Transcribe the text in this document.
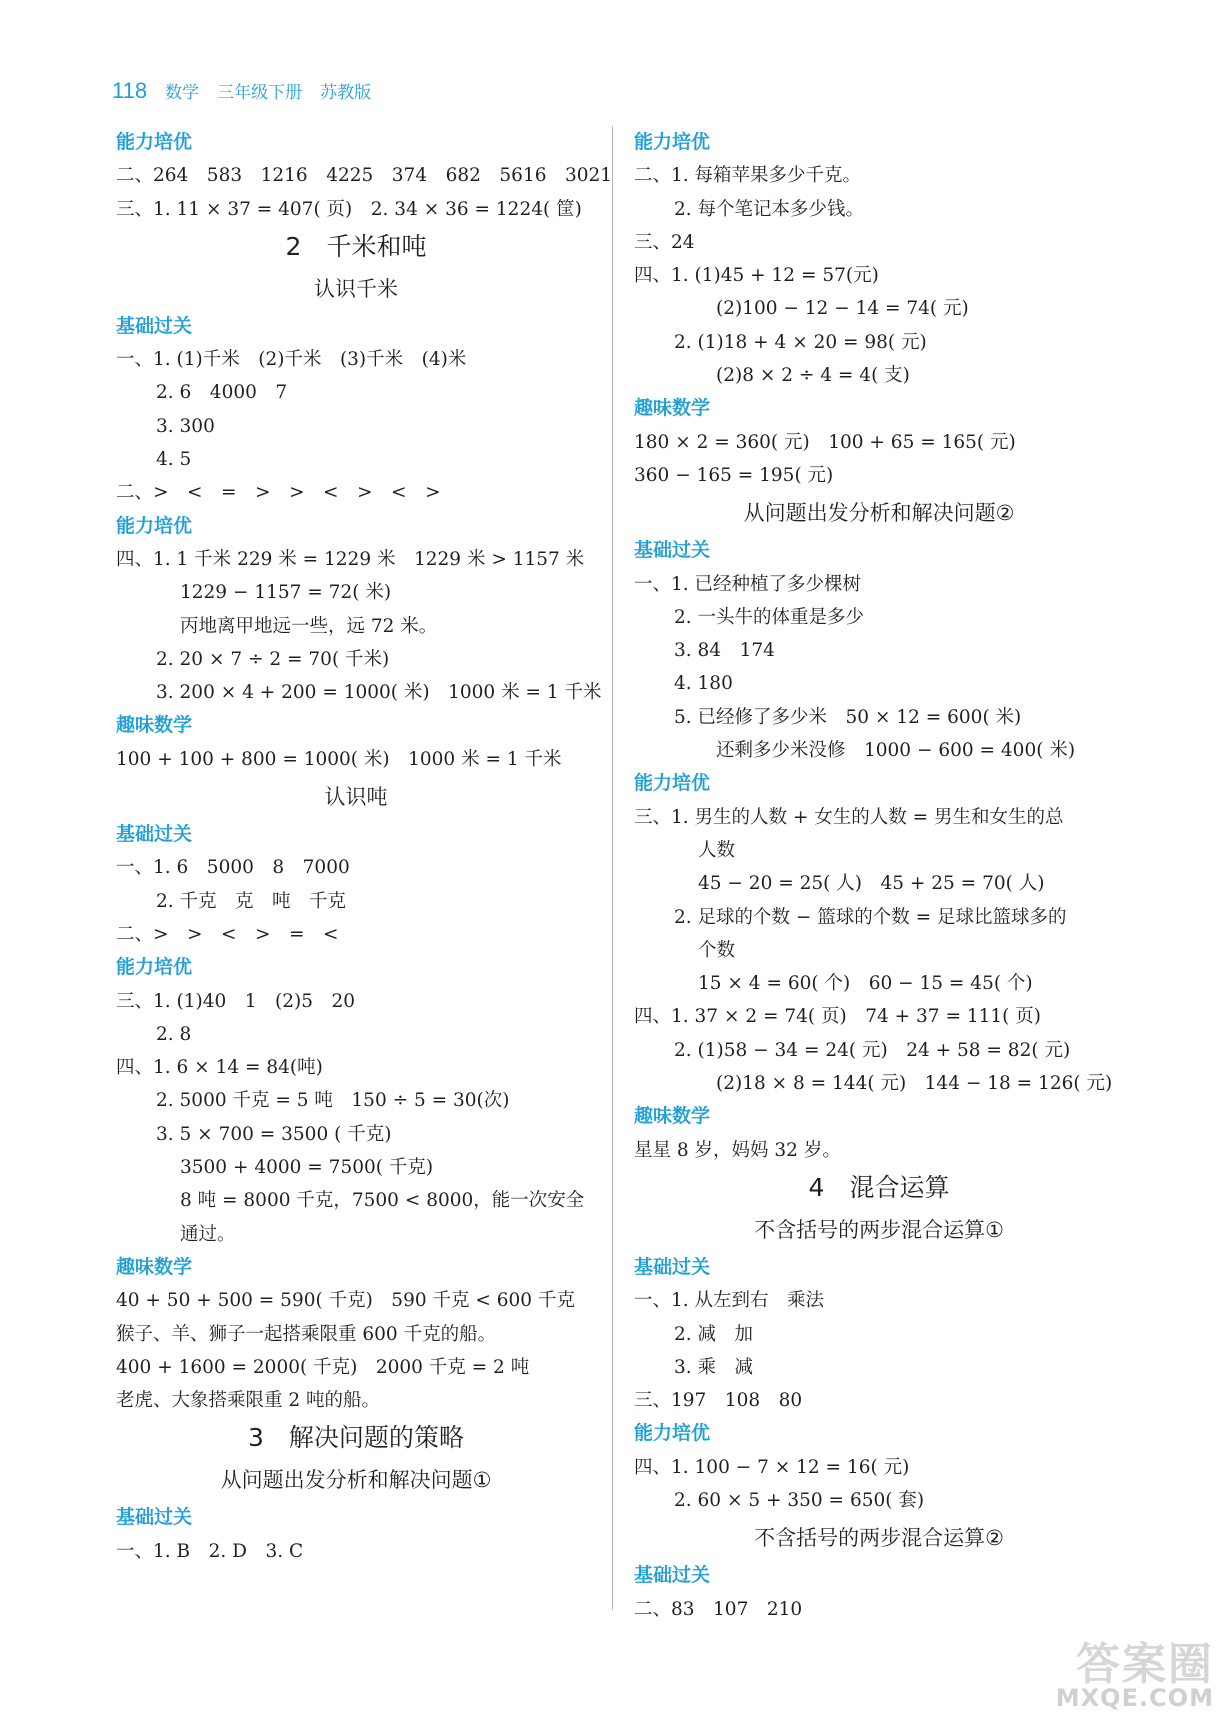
118 数学 三年级下册 苏教版
能力培优
二、264　583　1216　4225　374　682　5616　3021
三、1. 11 × 37 = 407( 页)　2. 34 × 36 = 1224( 筐)
2　千米和吨
认识千米
基础过关
一、1. (1)千米　(2)千米　(3)千米　(4)米
2. 6　4000　7
3. 300
4. 5
二、>　<　=　>　>　<　>　<　>
能力培优
四、1. 1 千米 229 米 = 1229 米　1229 米 > 1157 米
1229 − 1157 = 72( 米)
丙地离甲地远一些，远 72 米。
2. 20 × 7 ÷ 2 = 70( 千米)
3. 200 × 4 + 200 = 1000( 米)　1000 米 = 1 千米
趣味数学
100 + 100 + 800 = 1000( 米)　1000 米 = 1 千米
认识吨
基础过关
一、1. 6　5000　8　7000
2. 千克　克　吨　千克
二、>　>　<　>　=　<
能力培优
三、1. (1)40　1　(2)5　20
2. 8
四、1. 6 × 14 = 84(吨)
2. 5000 千克 = 5 吨　150 ÷ 5 = 30(次)
3. 5 × 700 = 3500 ( 千克)
3500 + 4000 = 7500( 千克)
8 吨 = 8000 千克，7500 < 8000，能一次安全
通过。
趣味数学
40 + 50 + 500 = 590( 千克)　590 千克 < 600 千克
猴子、羊、狮子一起搭乘限重 600 千克的船。
400 + 1600 = 2000( 千克)　2000 千克 = 2 吨
老虎、大象搭乘限重 2 吨的船。
3　解决问题的策略
从问题出发分析和解决问题①
基础过关
一、1. B　2. D　3. C
能力培优
二、1. 每箱苹果多少千克。
2. 每个笔记本多少钱。
三、24
四、1. (1)45 + 12 = 57(元)
(2)100 − 12 − 14 = 74( 元)
2. (1)18 + 4 × 20 = 98( 元)
(2)8 × 2 ÷ 4 = 4( 支)
趣味数学
180 × 2 = 360( 元)　100 + 65 = 165( 元)
360 − 165 = 195( 元)
从问题出发分析和解决问题②
基础过关
一、1. 已经种植了多少棵树
2. 一头牛的体重是多少
3. 84　174
4. 180
5. 已经修了多少米　50 × 12 = 600( 米)
还剩多少米没修　1000 − 600 = 400( 米)
能力培优
三、1. 男生的人数 + 女生的人数 = 男生和女生的总
人数
45 − 20 = 25( 人)　45 + 25 = 70( 人)
2. 足球的个数 − 篮球的个数 = 足球比篮球多的
个数
15 × 4 = 60( 个)　60 − 15 = 45( 个)
四、1. 37 × 2 = 74( 页)　74 + 37 = 111( 页)
2. (1)58 − 34 = 24( 元)　24 + 58 = 82( 元)
(2)18 × 8 = 144( 元)　144 − 18 = 126( 元)
趣味数学
星星 8 岁，妈妈 32 岁。
4　混合运算
不含括号的两步混合运算①
基础过关
一、1. 从左到右　乘法
2. 减　加
3. 乘　减
三、197　108　80
能力培优
四、1. 100 − 7 × 12 = 16( 元)
2. 60 × 5 + 350 = 650( 套)
不含括号的两步混合运算②
基础过关
二、83　107　210
答案圈
MXQE.COM
